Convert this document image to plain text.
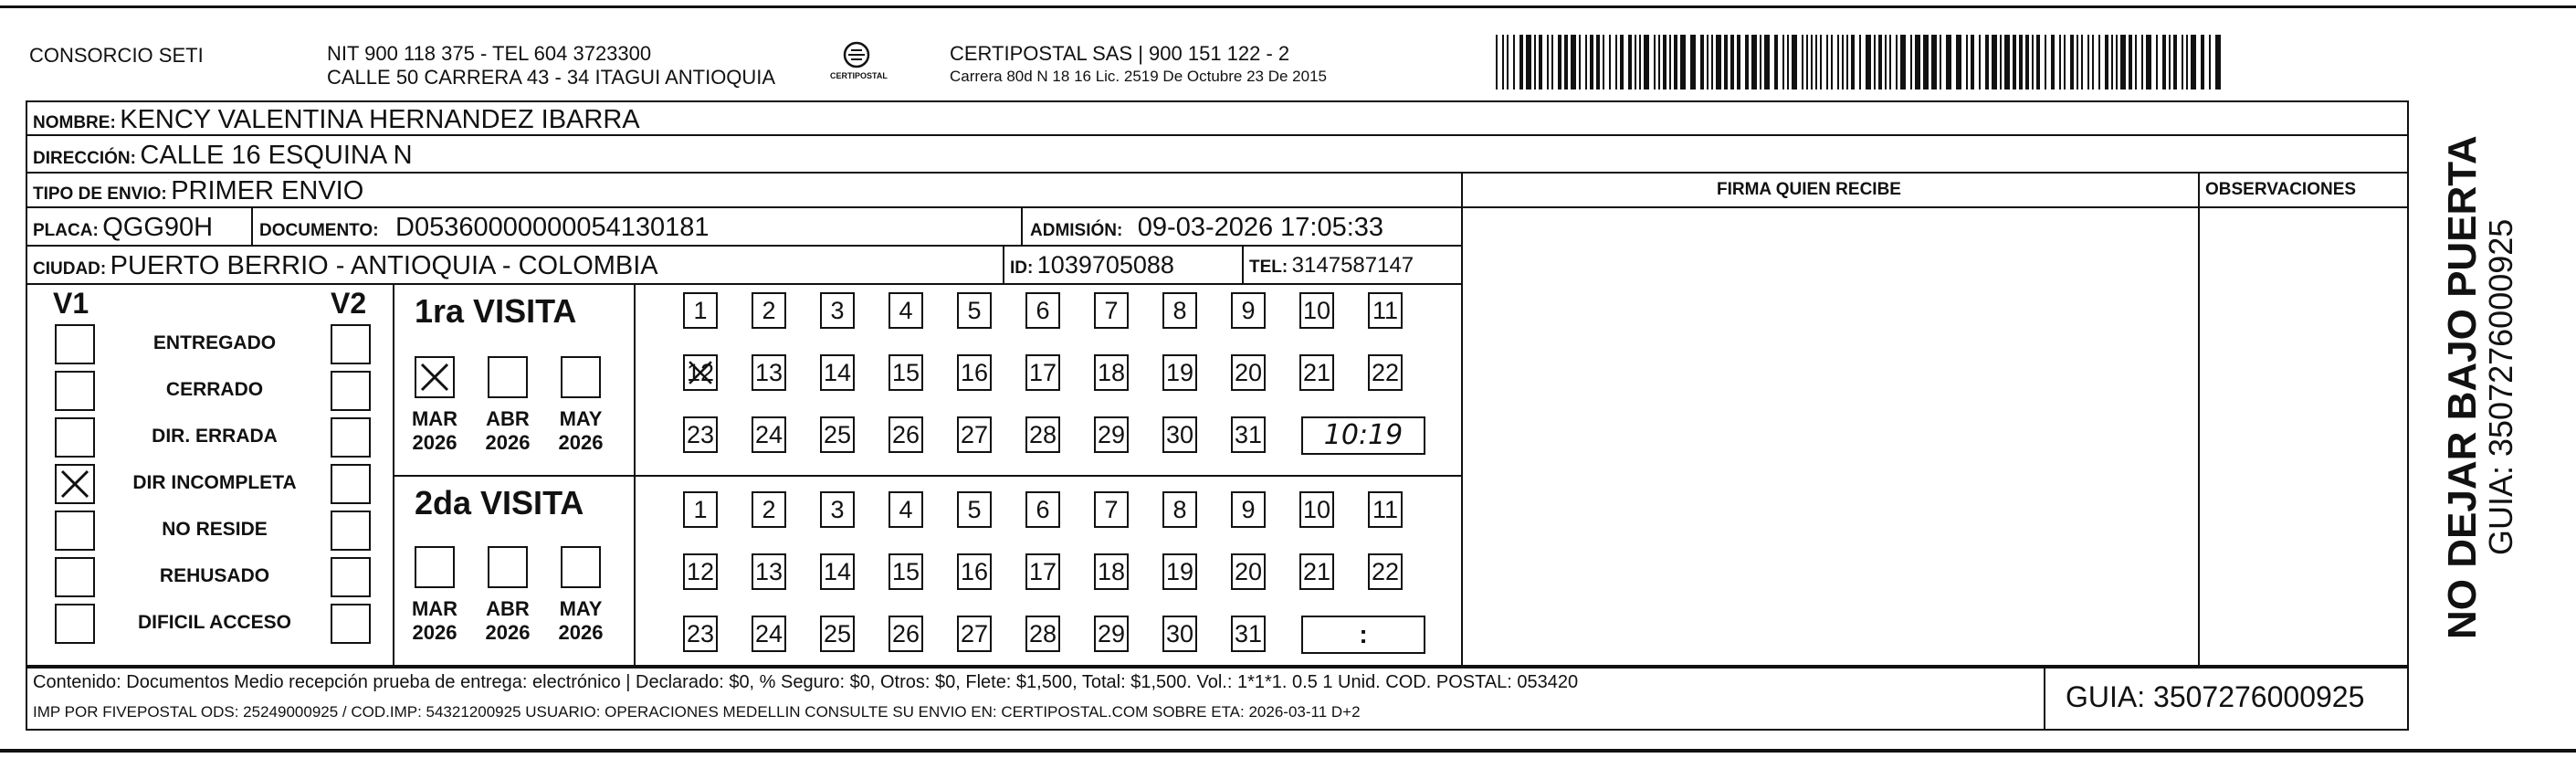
CONSORCIO SETI	NIT 900 118 375 - TEL 604 3723300
CALLE 50 CARRERA 43 - 34 ITAGUI ANTIOQUIA	CERTIPOSTAL
CERTIPOSTAL SAS | 900 151 122 - 2
Carrera 80d N 18 16 Lic. 2519 De Octubre 23 De 2015
NOMBRE: KENCY VALENTINA HERNANDEZ IBARRA
DIRECCIÓN: CALLE 16 ESQUINA N
TIPO DE ENVIO: PRIMER ENVIO	FIRMA QUIEN RECIBE	OBSERVACIONES
PLACA: QGG90H	DOCUMENTO: D053600000000541301​81	ADMISIÓN: 09-03-2026 17:05:33
CIUDAD: PUERTO BERRIO - ANTIOQUIA - COLOMBIA	ID: 1039705088	TEL: 3147587147
V1	V2
ENTREGADO
CERRADO
DIR. ERRADA
DIR INCOMPLETA
NO RESIDE
REHUSADO
DIFICIL ACCESO
1ra VISITA
2da VISITA
MAR
2026
ABR
2026
MAY
2026
MAR
2026
ABR
2026
MAY
2026
1	2	3	4	5	6	7	8	9	10 11
12 13 14 15 16 17 18 19 20 21 22
23 24 25 26 27 28 29 30 31	10:19
1	2	3	4	5	6	7	8	9	10 11
12 13 14 15 16 17 18 19 20 21 22
23 24 25 26 27 28 29 30 31	:
Contenido: Documentos Medio recepción prueba de entrega: electrónico | Declarado: $0, % Seguro: $0, Otros: $0, Flete: $1,500, Total: $1,500. Vol.: 1*1*1. 0.5 1 Unid. COD. POSTAL: 053420
IMP POR FIVEPOSTAL ODS: 25249000925 / COD.IMP: 54321200925 USUARIO: OPERACIONES MEDELLIN CONSULTE SU ENVIO EN: CERTIPOSTAL.COM SOBRE ETA: 2026-03-11 D+2	GUIA: 3507276000925
NO DEJAR BAJO PUERTA
GUIA: 3507276000925
